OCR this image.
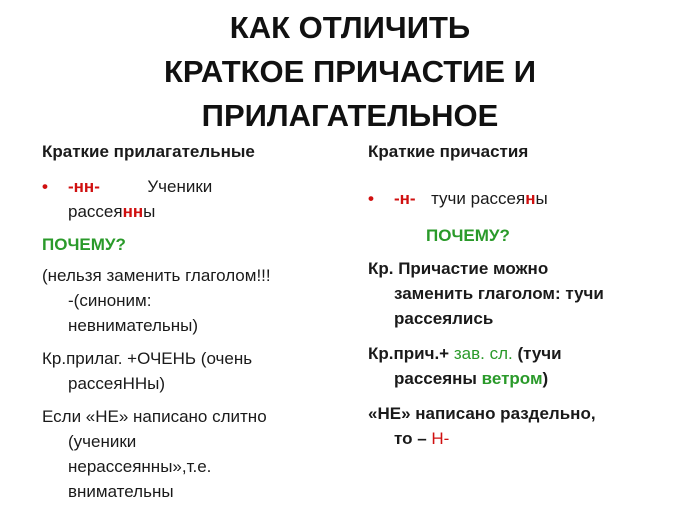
КАК ОТЛИЧИТЬ
КРАТКОЕ ПРИЧАСТИЕ И
ПРИЛАГАТЕЛЬНОЕ
Краткие прилагательные
• -нн-	Ученики
рассеянны
ПОЧЕМУ?
(нельзя заменить глаголом!!!
-(синоним:
невнимательны)
Кр.прилаг. +ОЧЕНЬ (очень
рассеяННы)
Если «НЕ» написано слитно
(ученики
нерассеянны»,т.е.
внимательны
Краткие причастия
• -н- тучи рассеяны
ПОЧЕМУ?
Кр. Причастие можно
заменить глаголом: тучи
рассеялись
Кр.прич.+ зав. сл. (тучи
рассеяны ветром)
«НЕ» написано раздельно,
то – Н-
